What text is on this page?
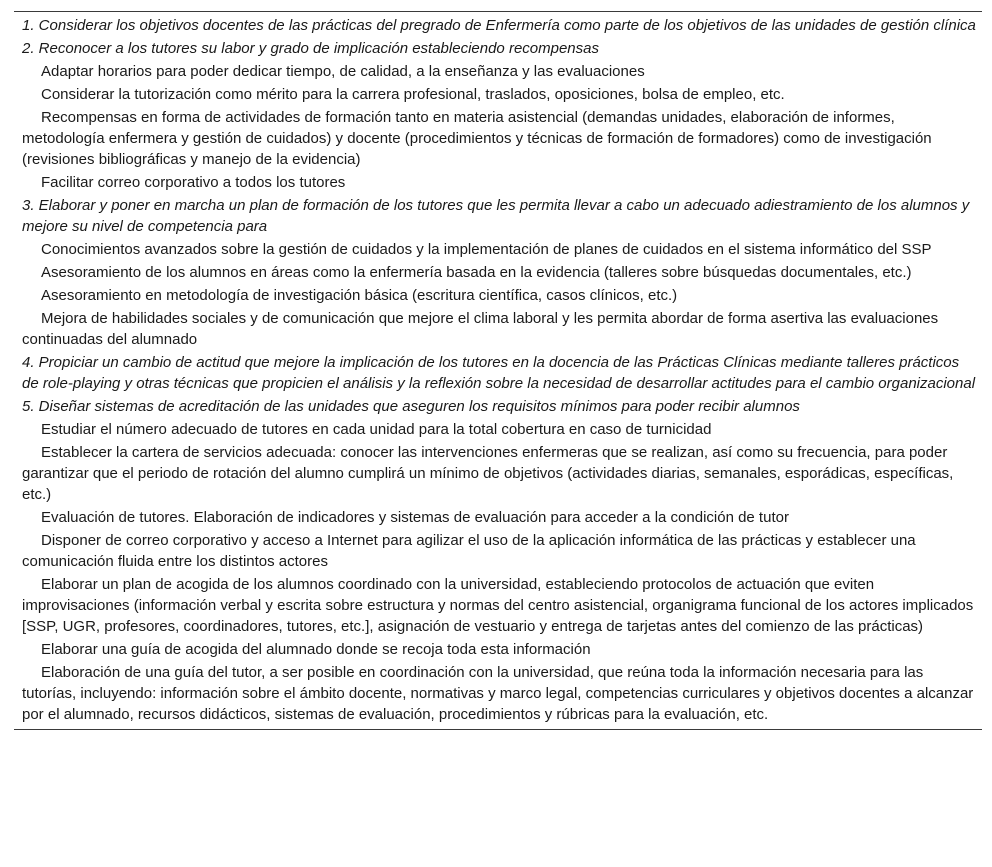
1. Considerar los objetivos docentes de las prácticas del pregrado de Enfermería como parte de los objetivos de las unidades de gestión clínica
2. Reconocer a los tutores su labor y grado de implicación estableciendo recompensas
Adaptar horarios para poder dedicar tiempo, de calidad, a la enseñanza y las evaluaciones
Considerar la tutorización como mérito para la carrera profesional, traslados, oposiciones, bolsa de empleo, etc.
Recompensas en forma de actividades de formación tanto en materia asistencial (demandas unidades, elaboración de informes, metodología enfermera y gestión de cuidados) y docente (procedimientos y técnicas de formación de formadores) como de investigación (revisiones bibliográficas y manejo de la evidencia)
Facilitar correo corporativo a todos los tutores
3. Elaborar y poner en marcha un plan de formación de los tutores que les permita llevar a cabo un adecuado adiestramiento de los alumnos y mejore su nivel de competencia para
Conocimientos avanzados sobre la gestión de cuidados y la implementación de planes de cuidados en el sistema informático del SSP
Asesoramiento de los alumnos en áreas como la enfermería basada en la evidencia (talleres sobre búsquedas documentales, etc.)
Asesoramiento en metodología de investigación básica (escritura científica, casos clínicos, etc.)
Mejora de habilidades sociales y de comunicación que mejore el clima laboral y les permita abordar de forma asertiva las evaluaciones continuadas del alumnado
4. Propiciar un cambio de actitud que mejore la implicación de los tutores en la docencia de las Prácticas Clínicas mediante talleres prácticos de role-playing y otras técnicas que propicien el análisis y la reflexión sobre la necesidad de desarrollar actitudes para el cambio organizacional
5. Diseñar sistemas de acreditación de las unidades que aseguren los requisitos mínimos para poder recibir alumnos
Estudiar el número adecuado de tutores en cada unidad para la total cobertura en caso de turnicidad
Establecer la cartera de servicios adecuada: conocer las intervenciones enfermeras que se realizan, así como su frecuencia, para poder garantizar que el periodo de rotación del alumno cumplirá un mínimo de objetivos (actividades diarias, semanales, esporádicas, específicas, etc.)
Evaluación de tutores. Elaboración de indicadores y sistemas de evaluación para acceder a la condición de tutor
Disponer de correo corporativo y acceso a Internet para agilizar el uso de la aplicación informática de las prácticas y establecer una comunicación fluida entre los distintos actores
Elaborar un plan de acogida de los alumnos coordinado con la universidad, estableciendo protocolos de actuación que eviten improvisaciones (información verbal y escrita sobre estructura y normas del centro asistencial, organigrama funcional de los actores implicados [SSP, UGR, profesores, coordinadores, tutores, etc.], asignación de vestuario y entrega de tarjetas antes del comienzo de las prácticas)
Elaborar una guía de acogida del alumnado donde se recoja toda esta información
Elaboración de una guía del tutor, a ser posible en coordinación con la universidad, que reúna toda la información necesaria para las tutorías, incluyendo: información sobre el ámbito docente, normativas y marco legal, competencias curriculares y objetivos docentes a alcanzar por el alumnado, recursos didácticos, sistemas de evaluación, procedimientos y rúbricas para la evaluación, etc.
